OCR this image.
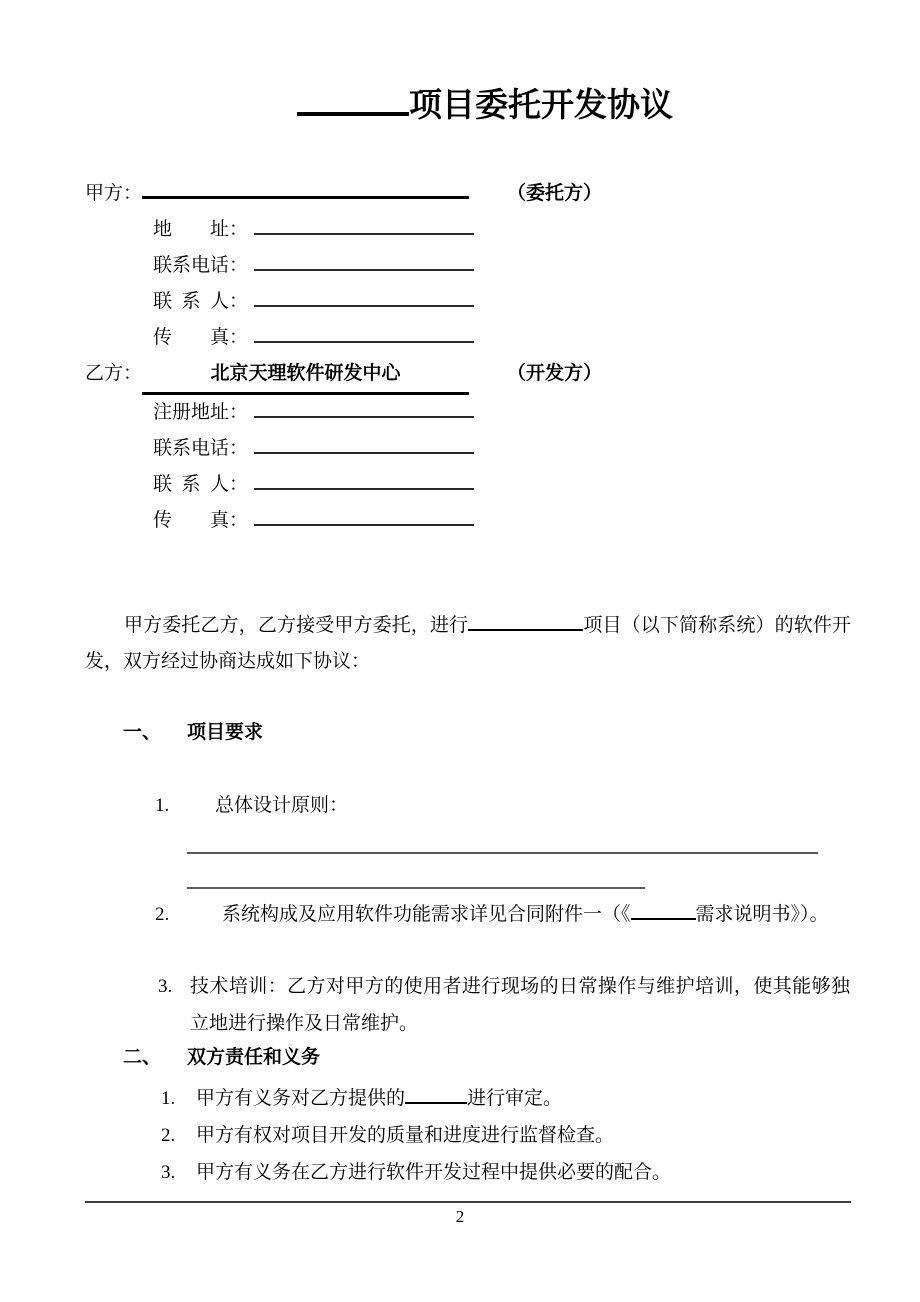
项目委托开发协议
甲方：	（委托方）
地址：
联系电话：
联系人：
传真：
乙方：	北京天理软件研发中心	（开发方）
注册地址：
联系电话：
联系人：
传真：
甲方委托乙方，乙方接受甲方委托，进行	项目（以下简称系统）的软件开发，双方经过协商达成如下协议：
一、 项目要求
1. 总体设计原则：
2.	系统构成及应用软件功能需求详见合同附件一（《	需求说明书》）。
3. 技术培训：乙方对甲方的使用者进行现场的日常操作与维护培训，使其能够独立地进行操作及日常维护。
二、 双方责任和义务
1. 甲方有义务对乙方提供的	进行审定。
2. 甲方有权对项目开发的质量和进度进行监督检查。
3. 甲方有义务在乙方进行软件开发过程中提供必要的配合。
2
